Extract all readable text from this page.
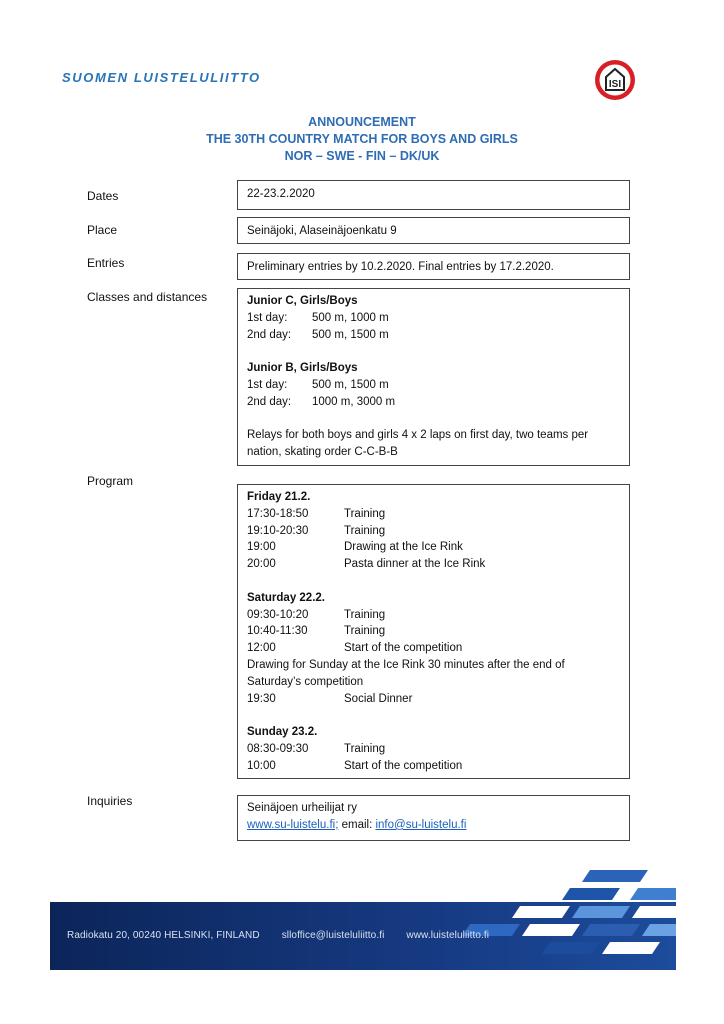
SUOMEN LUISTELULIITTO	ISI
ANNOUNCEMENT
THE 30TH COUNTRY MATCH FOR BOYS AND GIRLS
NOR – SWE - FIN – DK/UK
Dates	22-23.2.2020
Place	Seinäjoki, Alaseinäjoenkatu 9
Entries	Preliminary entries by 10.2.2020. Final entries by 17.2.2020.
Classes and distances	Junior C, Girls/Boys
1st day:	500 m, 1000 m
2nd day:	500 m, 1500 m
Junior B, Girls/Boys
1st day:	500 m, 1500 m
2nd day:	1000 m, 3000 m
Relays for both boys and girls 4 x 2 laps on first day, two teams per nation, skating order C-C-B-B
Program
Friday 21.2.
17:30-18:50	Training
19:10-20:30	Training
19:00	Drawing at the Ice Rink
20:00	Pasta dinner at the Ice Rink
Saturday 22.2.
09:30-10:20	Training
10:40-11:30	Training
12:00	Start of the competition
Drawing for Sunday at the Ice Rink 30 minutes after the end of Saturday’s competition
19:30	Social Dinner
Sunday 23.2.
08:30-09:30	Training
10:00	Start of the competition
Inquiries	Seinäjoen urheilijat ry
www.su-luistelu.fi; email: info@su-luistelu.fi
Radiokatu 20, 00240 HELSINKI, FINLAND slloffice@luisteluliitto.fi www.luisteluliitto.fi
